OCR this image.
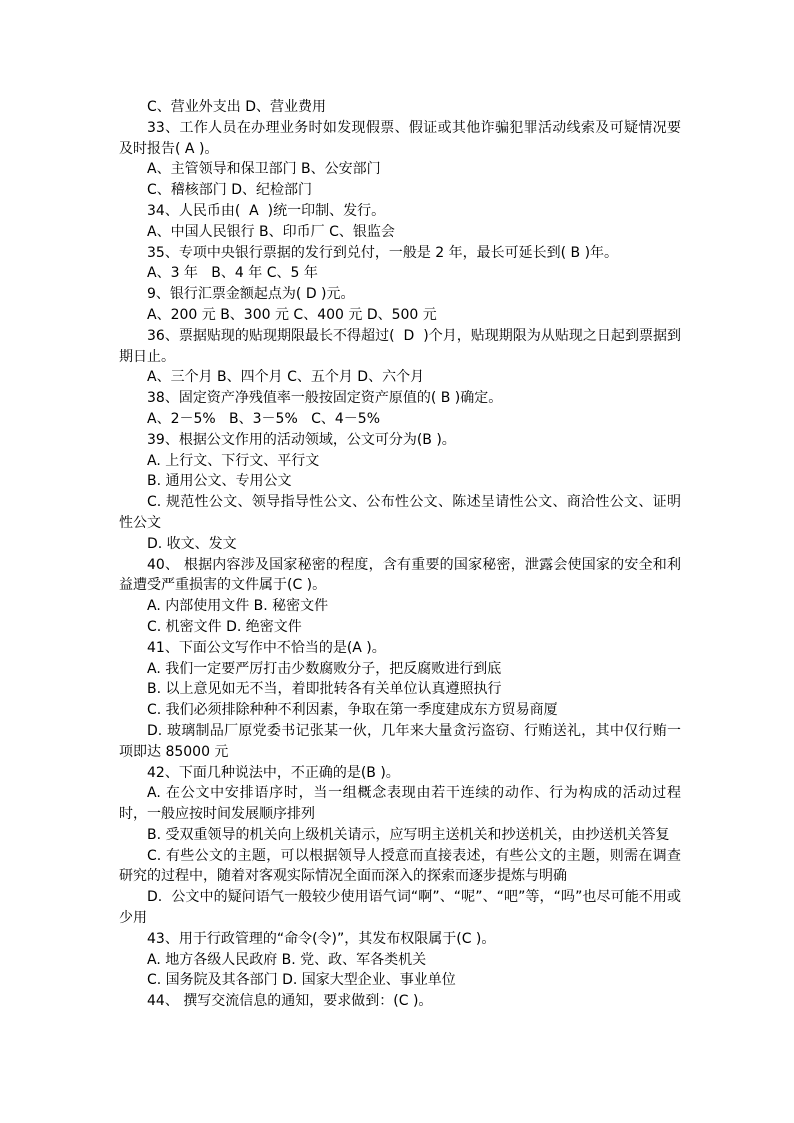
C、营业外支出 D、营业费用

33、工作人员在办理业务时如发现假票、假证或其他诈骗犯罪活动线索及可疑情况要及时报告( A )。

A、主管领导和保卫部门 B、公安部门

C、稽核部门 D、纪检部门

34、人民币由(  A  )统一印制、发行。

A、中国人民银行 B、印币厂 C、银监会

35、专项中央银行票据的发行到兑付，一般是 2 年，最长可延长到( B )年。

A、3 年   B、4 年 C、5 年

9、银行汇票金额起点为( D )元。

A、200 元 B、300 元 C、400 元 D、500 元

36、票据贴现的贴现期限最长不得超过(  D  )个月，贴现期限为从贴现之日起到票据到期日止。

A、三个月 B、四个月 C、五个月 D、六个月

38、固定资产净残值率一般按固定资产原值的( B )确定。

A、2－5%   B、3－5%   C、4－5%

39、根据公文作用的活动领域，公文可分为(B )。

A. 上行文、下行文、平行文

B. 通用公文、专用公文

C. 规范性公文、领导指导性公文、公布性公文、陈述呈请性公文、商洽性公文、证明性公文

D. 收文、发文

40、 根据内容涉及国家秘密的程度，含有重要的国家秘密，泄露会使国家的安全和利益遭受严重损害的文件属于(C )。

A. 内部使用文件 B. 秘密文件

C. 机密文件 D. 绝密文件

41、下面公文写作中不恰当的是(A )。

A. 我们一定要严厉打击少数腐败分子，把反腐败进行到底

B. 以上意见如无不当，着即批转各有关单位认真遵照执行

C. 我们必须排除种种不利因素，争取在第一季度建成东方贸易商厦

D. 玻璃制品厂原党委书记张某一伙，几年来大量贪污盗窃、行贿送礼，其中仅行贿一项即达 85000 元

42、下面几种说法中，不正确的是(B )。

A. 在公文中安排语序时，当一组概念表现由若干连续的动作、行为构成的活动过程时，一般应按时间发展顺序排列

B. 受双重领导的机关向上级机关请示，应写明主送机关和抄送机关，由抄送机关答复

C. 有些公文的主题，可以根据领导人授意而直接表述，有些公文的主题，则需在调查研究的过程中，随着对客观实际情况全面而深入的探索而逐步提炼与明确

D.  公文中的疑问语气一般较少使用语气词“啊”、“呢”、“吧”等，“吗”也尽可能不用或少用

43、用于行政管理的“命令(令)”，其发布权限属于(C )。

A. 地方各级人民政府 B. 党、政、军各类机关

C. 国务院及其各部门 D. 国家大型企业、事业单位

44、 撰写交流信息的通知，要求做到：(C )。
